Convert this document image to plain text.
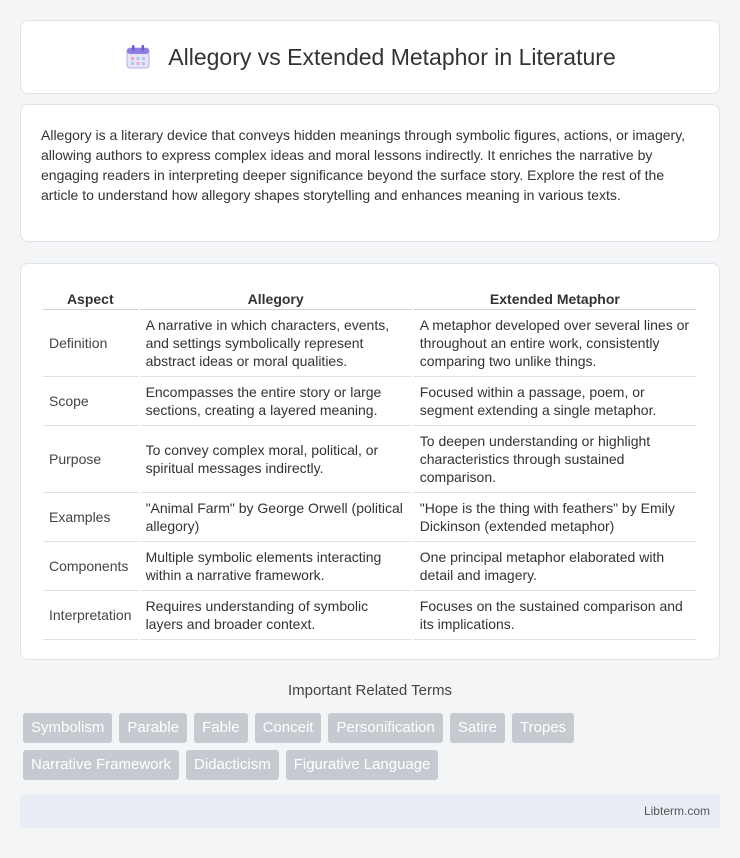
Allegory vs Extended Metaphor in Literature

Allegory is a literary device that conveys hidden meanings through symbolic figures, actions, or imagery, allowing authors to express complex ideas and moral lessons indirectly. It enriches the narrative by engaging readers in interpreting deeper significance beyond the surface story. Explore the rest of the article to understand how allegory shapes storytelling and enhances meaning in various texts.

Aspect	Allegory	Extended Metaphor
Definition	A narrative in which characters, events, and settings symbolically represent abstract ideas or moral qualities.	A metaphor developed over several lines or throughout an entire work, consistently comparing two unlike things.
Scope	Encompasses the entire story or large sections, creating a layered meaning.	Focused within a passage, poem, or segment extending a single metaphor.
Purpose	To convey complex moral, political, or spiritual messages indirectly.	To deepen understanding or highlight characteristics through sustained comparison.
Examples	"Animal Farm" by George Orwell (political allegory)	"Hope is the thing with feathers" by Emily Dickinson (extended metaphor)
Components	Multiple symbolic elements interacting within a narrative framework.	One principal metaphor elaborated with detail and imagery.
Interpretation	Requires understanding of symbolic layers and broader context.	Focuses on the sustained comparison and its implications.
Important Related Terms
Symbolism	Parable	Fable	Conceit	Personification	Satire	Tropes
Narrative Framework	Didacticism	Figurative Language
Libterm.com
